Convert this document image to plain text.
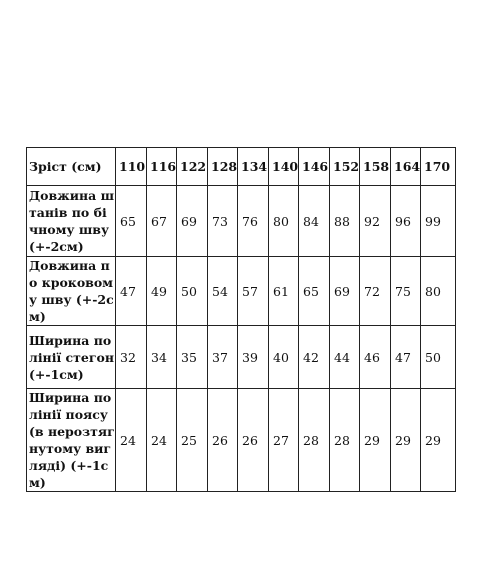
Зріст (см)	110	116	122	128	134	140	146	152	158	164	170
Довжина штанів по бічному шву (+-2см)	65	67	69	73	76	80	84	88	92	96	99
Довжина по кроковому шву (+-2см)	47	49	50	54	57	61	65	69	72	75	80
Ширина по лінії стегон (+-1см)	32	34	35	37	39	40	42	44	46	47	50
Ширина по лінії поясу (в нерозтягнутому вигляді) (+-1см)	24	24	25	26	26	27	28	28	29	29	29
